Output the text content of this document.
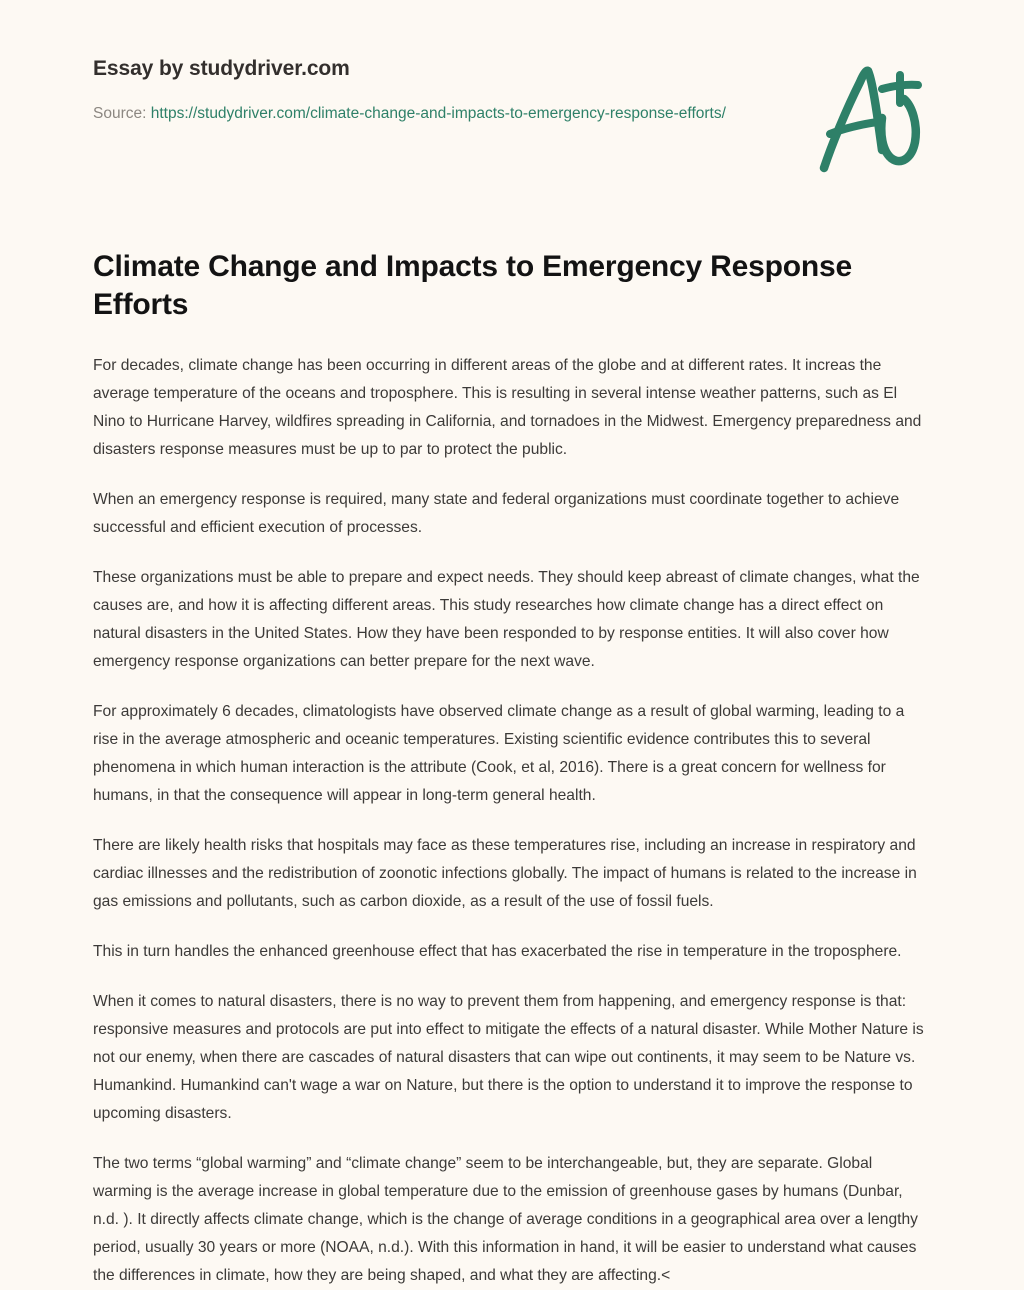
Essay by studydriver.com
Source: https://studydriver.com/climate-change-and-impacts-to-emergency-response-efforts/
Climate Change and Impacts to Emergency Response Efforts

For decades, climate change has been occurring in different areas of the globe and at different rates. It increas the average temperature of the oceans and troposphere. This is resulting in several intense weather patterns, such as El Nino to Hurricane Harvey, wildfires spreading in California, and tornadoes in the Midwest. Emergency preparedness and disasters response measures must be up to par to protect the public.

When an emergency response is required, many state and federal organizations must coordinate together to achieve successful and efficient execution of processes.

These organizations must be able to prepare and expect needs. They should keep abreast of climate changes, what the causes are, and how it is affecting different areas. This study researches how climate change has a direct effect on natural disasters in the United States. How they have been responded to by response entities. It will also cover how emergency response organizations can better prepare for the next wave.

For approximately 6 decades, climatologists have observed climate change as a result of global warming, leading to a rise in the average atmospheric and oceanic temperatures. Existing scientific evidence contributes this to several phenomena in which human interaction is the attribute (Cook, et al, 2016). There is a great concern for wellness for humans, in that the consequence will appear in long-term general health.

There are likely health risks that hospitals may face as these temperatures rise, including an increase in respiratory and cardiac illnesses and the redistribution of zoonotic infections globally. The impact of humans is related to the increase in gas emissions and pollutants, such as carbon dioxide, as a result of the use of fossil fuels.

This in turn handles the enhanced greenhouse effect that has exacerbated the rise in temperature in the troposphere.

When it comes to natural disasters, there is no way to prevent them from happening, and emergency response is that: responsive measures and protocols are put into effect to mitigate the effects of a natural disaster. While Mother Nature is not our enemy, when there are cascades of natural disasters that can wipe out continents, it may seem to be Nature vs. Humankind. Humankind can't wage a war on Nature, but there is the option to understand it to improve the response to upcoming disasters.

The two terms “global warming” and “climate change” seem to be interchangeable, but, they are separate. Global warming is the average increase in global temperature due to the emission of greenhouse gases by humans (Dunbar, n.d. ). It directly affects climate change, which is the change of average conditions in a geographical area over a lengthy period, usually 30 years or more (NOAA, n.d.). With this information in hand, it will be easier to understand what causes the differences in climate, how they are being shaped, and what they are affecting.<
